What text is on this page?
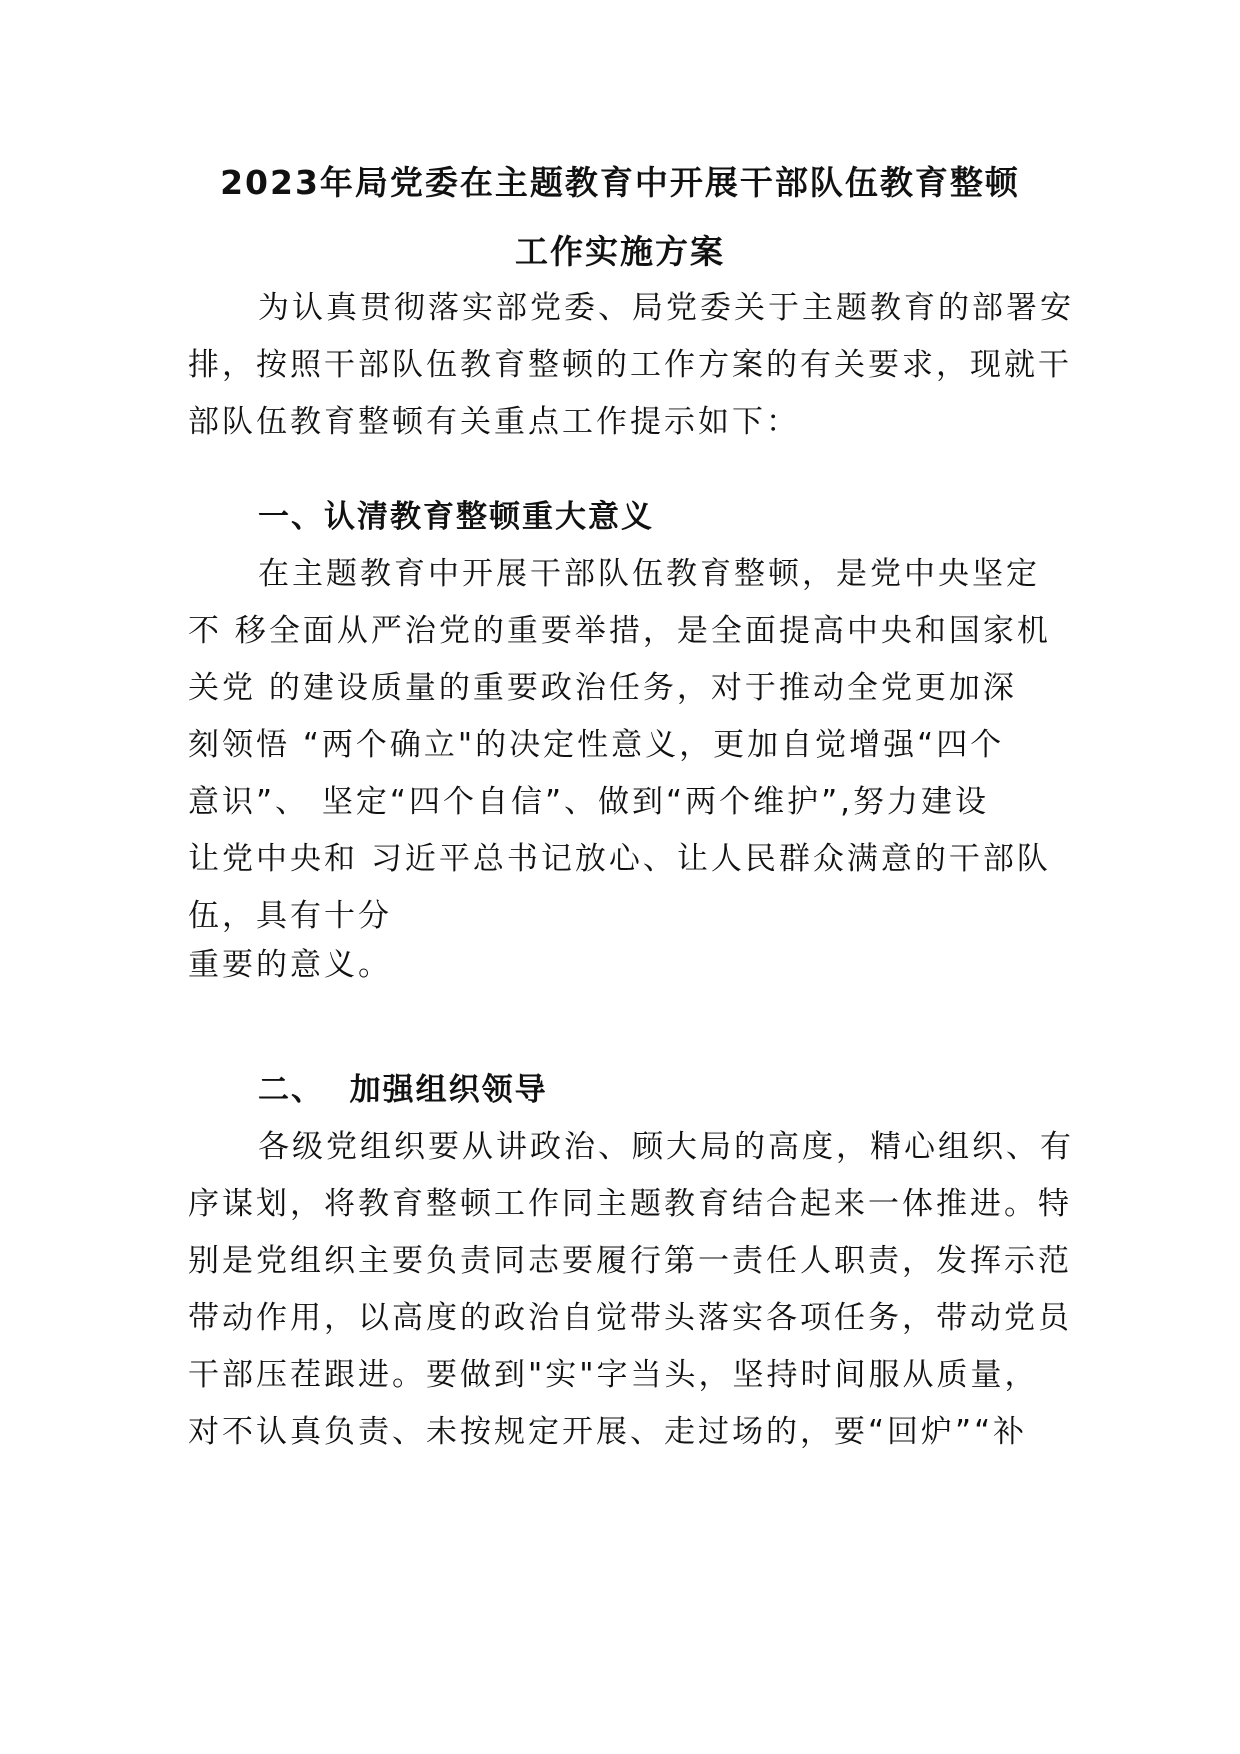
2023年局党委在主题教育中开展干部队伍教育整顿
工作实施方案
为认真贯彻落实部党委、局党委关于主题教育的部署安
排，按照干部队伍教育整顿的工作方案的有关要求，现就干
部队伍教育整顿有关重点工作提示如下：
一、认清教育整顿重大意义
在主题教育中开展干部队伍教育整顿，是党中央坚定
不 移全面从严治党的重要举措，是全面提高中央和国家机
关党 的建设质量的重要政治任务，对于推动全党更加深
刻领悟 “两个确立"的决定性意义，更加自觉增强“四个
意识”、 坚定“四个自信”、做到“两个维护”,努力建设
让党中央和 习近平总书记放心、让人民群众满意的干部队
伍，具有十分
重要的意义。
二、  加强组织领导
各级党组织要从讲政治、顾大局的高度，精心组织、有
序谋划，将教育整顿工作同主题教育结合起来一体推进。特
别是党组织主要负责同志要履行第一责任人职责，发挥示范
带动作用，以高度的政治自觉带头落实各项任务，带动党员
干部压茬跟进。要做到"实"字当头，坚持时间服从质量，
对不认真负责、未按规定开展、走过场的，要“回炉”“补
